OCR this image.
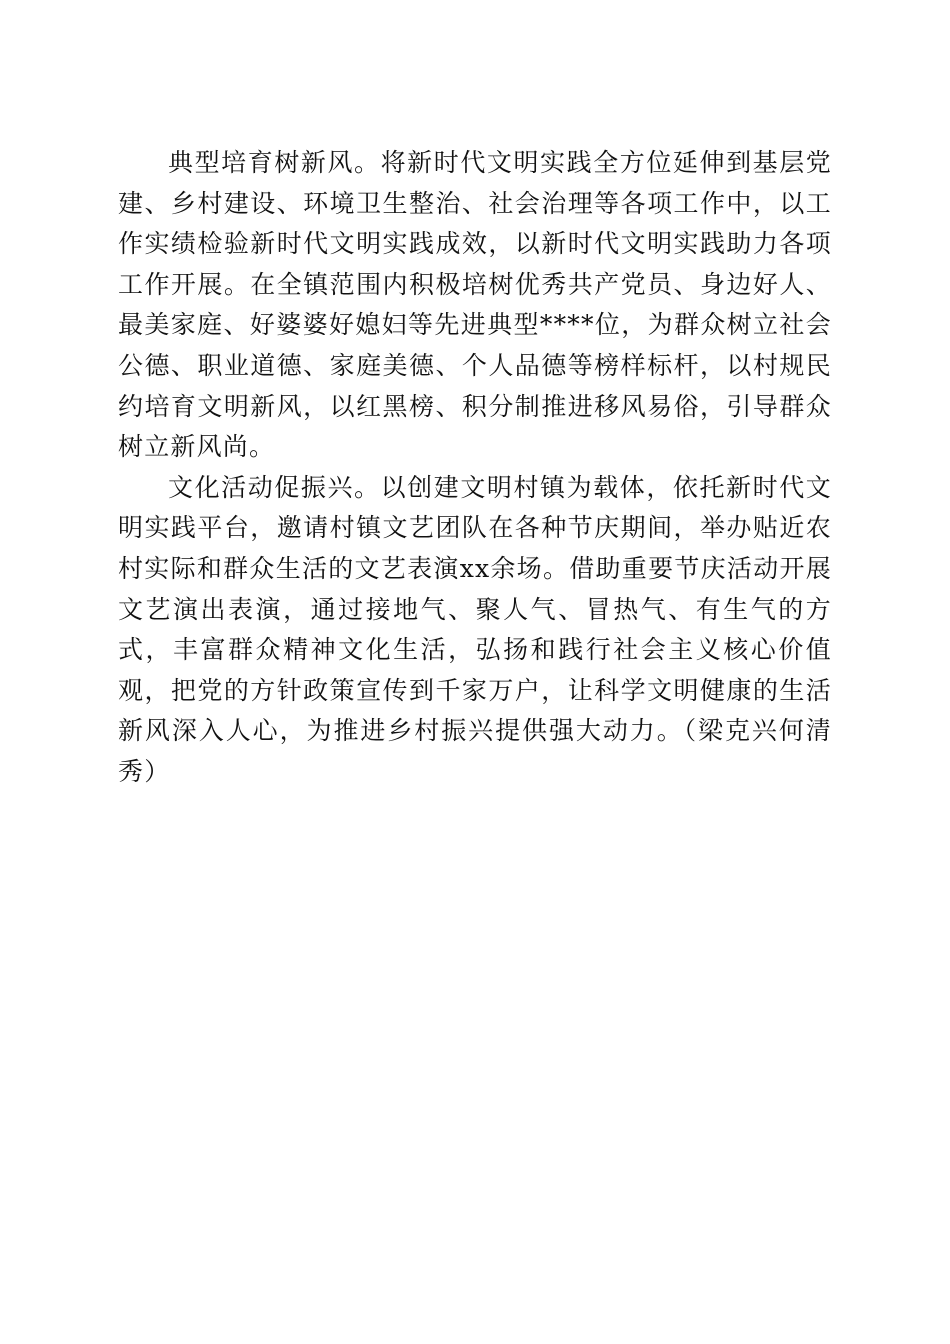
典型培育树新风。将新时代文明实践全方位延伸到基层党建、乡村建设、环境卫生整治、社会治理等各项工作中，以工作实绩检验新时代文明实践成效，以新时代文明实践助力各项工作开展。在全镇范围内积极培树优秀共产党员、身边好人、最美家庭、好婆婆好媳妇等先进典型****位，为群众树立社会公德、职业道德、家庭美德、个人品德等榜样标杆，以村规民约培育文明新风，以红黑榜、积分制推进移风易俗，引导群众树立新风尚。

文化活动促振兴。以创建文明村镇为载体，依托新时代文明实践平台，邀请村镇文艺团队在各种节庆期间，举办贴近农村实际和群众生活的文艺表演xx余场。借助重要节庆活动开展文艺演出表演，通过接地气、聚人气、冒热气、有生气的方式，丰富群众精神文化生活，弘扬和践行社会主义核心价值观，把党的方针政策宣传到千家万户，让科学文明健康的生活新风深入人心，为推进乡村振兴提供强大动力。（梁克兴何清秀）
